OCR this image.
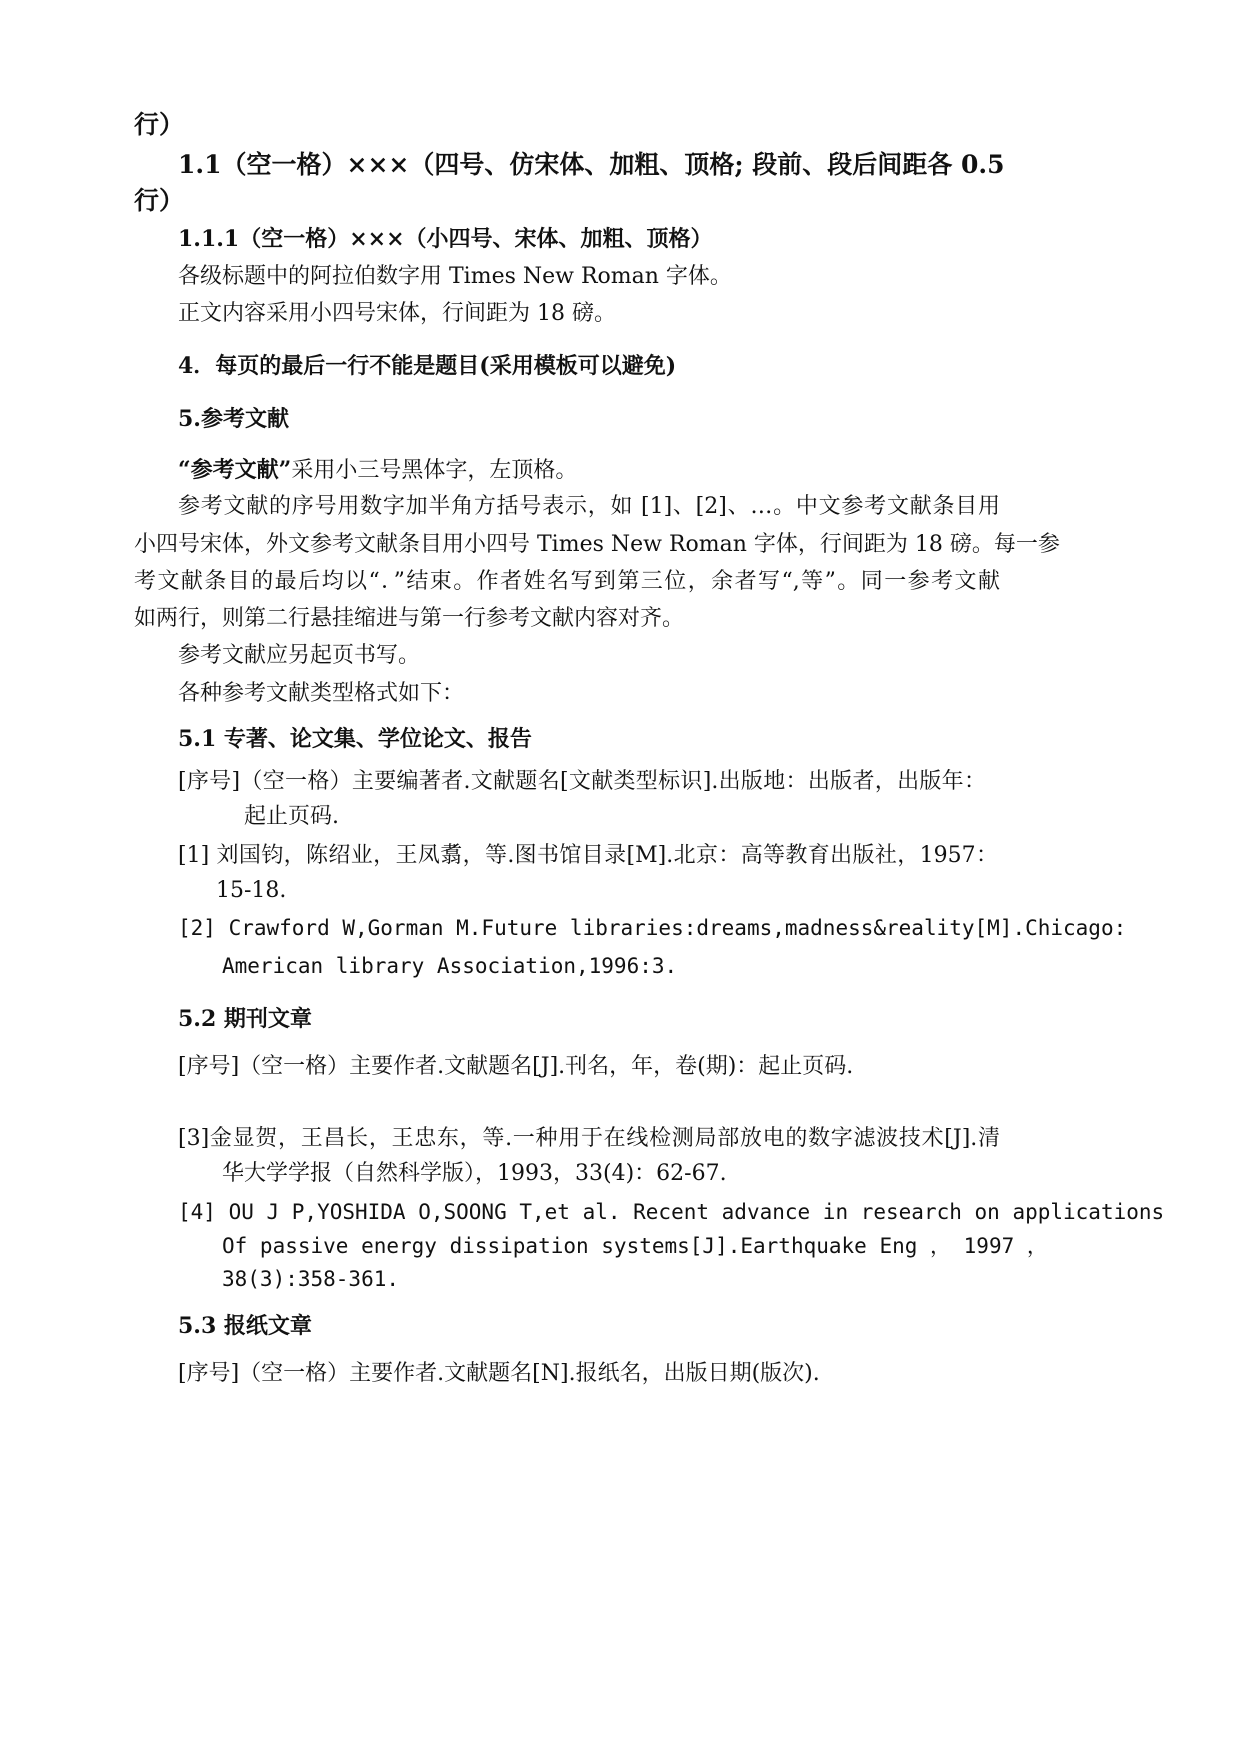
行）
1.1（空一格）×××（四号、仿宋体、加粗、顶格; 段前、段后间距各 0.5
行）
1.1.1（空一格）×××（小四号、宋体、加粗、顶格）
各级标题中的阿拉伯数字用 Times New Roman 字体。
正文内容采用小四号宋体，行间距为 18 磅。
4．每页的最后一行不能是题目(采用模板可以避免)
5.参考文献
“参考文献”采用小三号黑体字，左顶格。
参考文献的序号用数字加半角方括号表示，如 [1]、[2]、…。中文参考文献条目用
小四号宋体，外文参考文献条目用小四号 Times New Roman 字体，行间距为 18 磅。每一参
考文献条目的最后均以“．”结束。作者姓名写到第三位，余者写“,等”。同一参考文献
如两行，则第二行悬挂缩进与第一行参考文献内容对齐。
参考文献应另起页书写。
各种参考文献类型格式如下：
5.1 专著、论文集、学位论文、报告
[序号]（空一格）主要编著者.文献题名[文献类型标识].出版地：出版者，出版年：
起止页码.
[1] 刘国钧，陈绍业，王凤翥，等.图书馆目录[M].北京：高等教育出版社，1957：
15-18.
[2] Crawford W,Gorman M.Future libraries:dreams,madness&reality[M].Chicago:
American library Association,1996:3.
5.2 期刊文章
[序号]（空一格）主要作者.文献题名[J].刊名，年，卷(期)：起止页码.
[3]金显贺，王昌长，王忠东，等.一种用于在线检测局部放电的数字滤波技术[J].清
华大学学报（自然科学版），1993，33(4)：62-67.
[4] OU J P,YOSHIDA O,SOONG T,et al. Recent advance in research on applications
Of passive energy dissipation systems[J].Earthquake Eng ， 1997 ，
38(3):358-361.
5.3 报纸文章
[序号]（空一格）主要作者.文献题名[N].报纸名，出版日期(版次).
